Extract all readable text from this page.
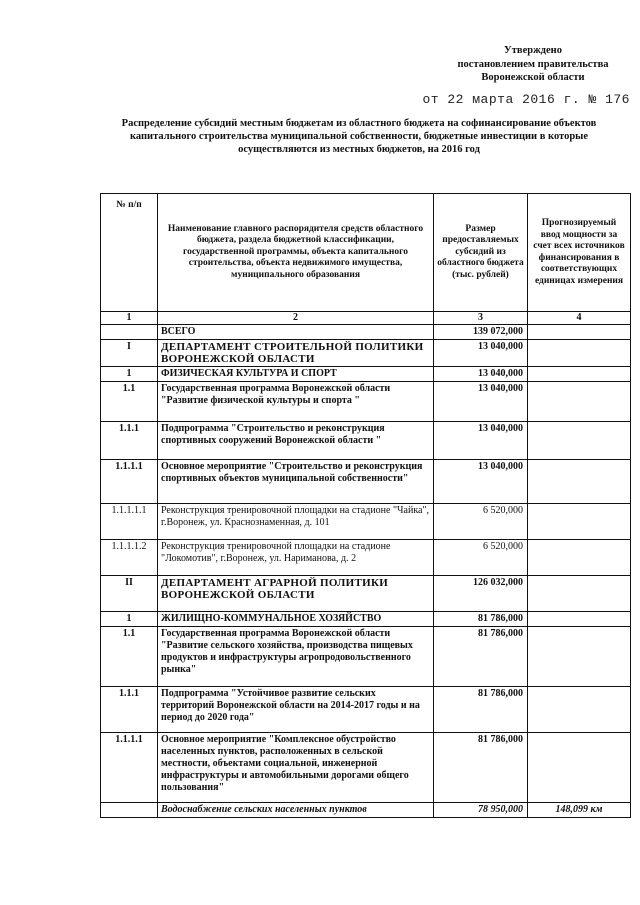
Утверждено
постановлением правительства
Воронежской области
от 22 марта 2016 г. № 176
Распределение субсидий местным бюджетам из областного бюджета на софинансирование объектов капитального строительства муниципальной собственности, бюджетные инвестиции в которые осуществляются из местных бюджетов, на 2016 год
№ п/п	Наименование главного распорядителя средств областного бюджета, раздела бюджетной классификации, государственной программы, объекта капитального строительства, объекта недвижимого имущества, муниципального образования	Размер предоставляемых субсидий из областного бюджета (тыс. рублей)	Прогнозируемый ввод мощности за счет всех источников финансирования в соответствующих единицах измерения
1	2	3	4
	ВСЕГО	139 072,000	
I	ДЕПАРТАМЕНТ СТРОИТЕЛЬНОЙ ПОЛИТИКИ ВОРОНЕЖСКОЙ ОБЛАСТИ	13 040,000	
1	ФИЗИЧЕСКАЯ КУЛЬТУРА И СПОРТ	13 040,000	
1.1	Государственная программа Воронежской области "Развитие физической культуры и спорта "	13 040,000	
1.1.1	Подпрограмма "Строительство и реконструкция спортивных сооружений Воронежской области "	13 040,000	
1.1.1.1	Основное мероприятие "Строительство и реконструкция спортивных объектов муниципальной собственности"	13 040,000	
1.1.1.1.1	Реконструкция тренировочной площадки на стадионе "Чайка", г.Воронеж, ул. Краснознаменная, д. 101	6 520,000	
1.1.1.1.2	Реконструкция тренировочной площадки на стадионе "Локомотив", г.Воронеж, ул. Нариманова, д. 2	6 520,000	
II	ДЕПАРТАМЕНТ АГРАРНОЙ ПОЛИТИКИ ВОРОНЕЖСКОЙ ОБЛАСТИ	126 032,000	
1	ЖИЛИЩНО-КОММУНАЛЬНОЕ ХОЗЯЙСТВО	81 786,000	
1.1	Государственная программа Воронежской области "Развитие сельского хозяйства, производства пищевых продуктов и инфраструктуры агропродовольственного рынка"	81 786,000	
1.1.1	Подпрограмма "Устойчивое развитие сельских территорий Воронежской области на 2014-2017 годы и на период до 2020 года"	81 786,000	
1.1.1.1	Основное мероприятие "Комплексное обустройство населенных пунктов, расположенных в сельской местности, объектами социальной, инженерной инфраструктуры и автомобильными дорогами общего пользования"	81 786,000	
	Водоснабжение сельских населенных пунктов	78 950,000	148,099 км
